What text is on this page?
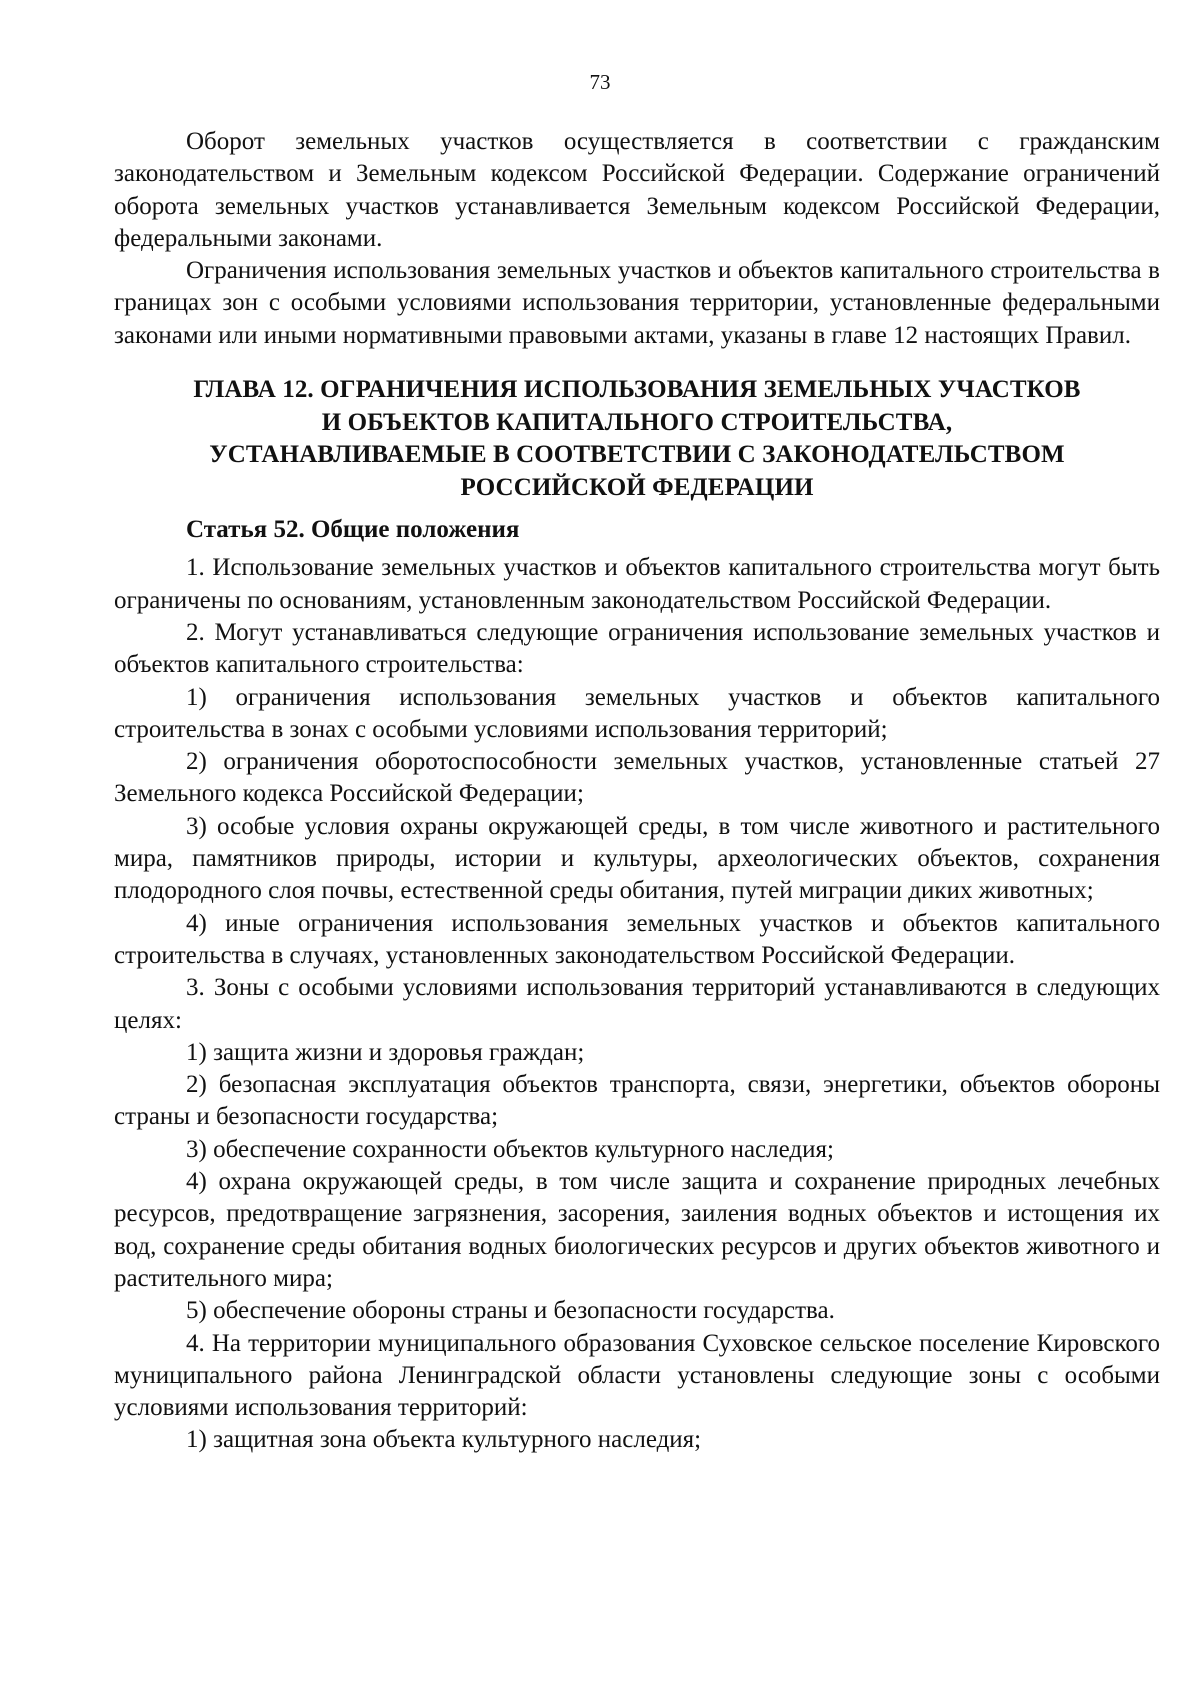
73

Оборот земельных участков осуществляется в соответствии с гражданским законодательством и Земельным кодексом Российской Федерации. Содержание ограничений оборота земельных участков устанавливается Земельным кодексом Российской Федерации, федеральными законами.

Ограничения использования земельных участков и объектов капитального строительства в границах зон с особыми условиями использования территории, установленные федеральными законами или иными нормативными правовыми актами, указаны в главе 12 настоящих Правил.

ГЛАВА 12. ОГРАНИЧЕНИЯ ИСПОЛЬЗОВАНИЯ ЗЕМЕЛЬНЫХ УЧАСТКОВ
И ОБЪЕКТОВ КАПИТАЛЬНОГО СТРОИТЕЛЬСТВА,
УСТАНАВЛИВАЕМЫЕ В СООТВЕТСТВИИ С ЗАКОНОДАТЕЛЬСТВОМ
РОССИЙСКОЙ ФЕДЕРАЦИИ

Статья 52. Общие положения

1. Использование земельных участков и объектов капитального строительства могут быть ограничены по основаниям, установленным законодательством Российской Федерации.

2. Могут устанавливаться следующие ограничения использование земельных участков и объектов капитального строительства:

1) ограничения использования земельных участков и объектов капитального строительства в зонах с особыми условиями использования территорий;

2) ограничения оборотоспособности земельных участков, установленные статьей 27 Земельного кодекса Российской Федерации;

3) особые условия охраны окружающей среды, в том числе животного и растительного мира, памятников природы, истории и культуры, археологических объектов, сохранения плодородного слоя почвы, естественной среды обитания, путей миграции диких животных;

4) иные ограничения использования земельных участков и объектов капитального строительства в случаях, установленных законодательством Российской Федерации.

3. Зоны с особыми условиями использования территорий устанавливаются в следующих целях:

1) защита жизни и здоровья граждан;

2) безопасная эксплуатация объектов транспорта, связи, энергетики, объектов обороны страны и безопасности государства;

3) обеспечение сохранности объектов культурного наследия;

4) охрана окружающей среды, в том числе защита и сохранение природных лечебных ресурсов, предотвращение загрязнения, засорения, заиления водных объектов и истощения их вод, сохранение среды обитания водных биологических ресурсов и других объектов животного и растительного мира;

5) обеспечение обороны страны и безопасности государства.

4. На территории муниципального образования Суховское сельское поселение Кировского муниципального района Ленинградской области установлены следующие зоны с особыми условиями использования территорий:

1) защитная зона объекта культурного наследия;
